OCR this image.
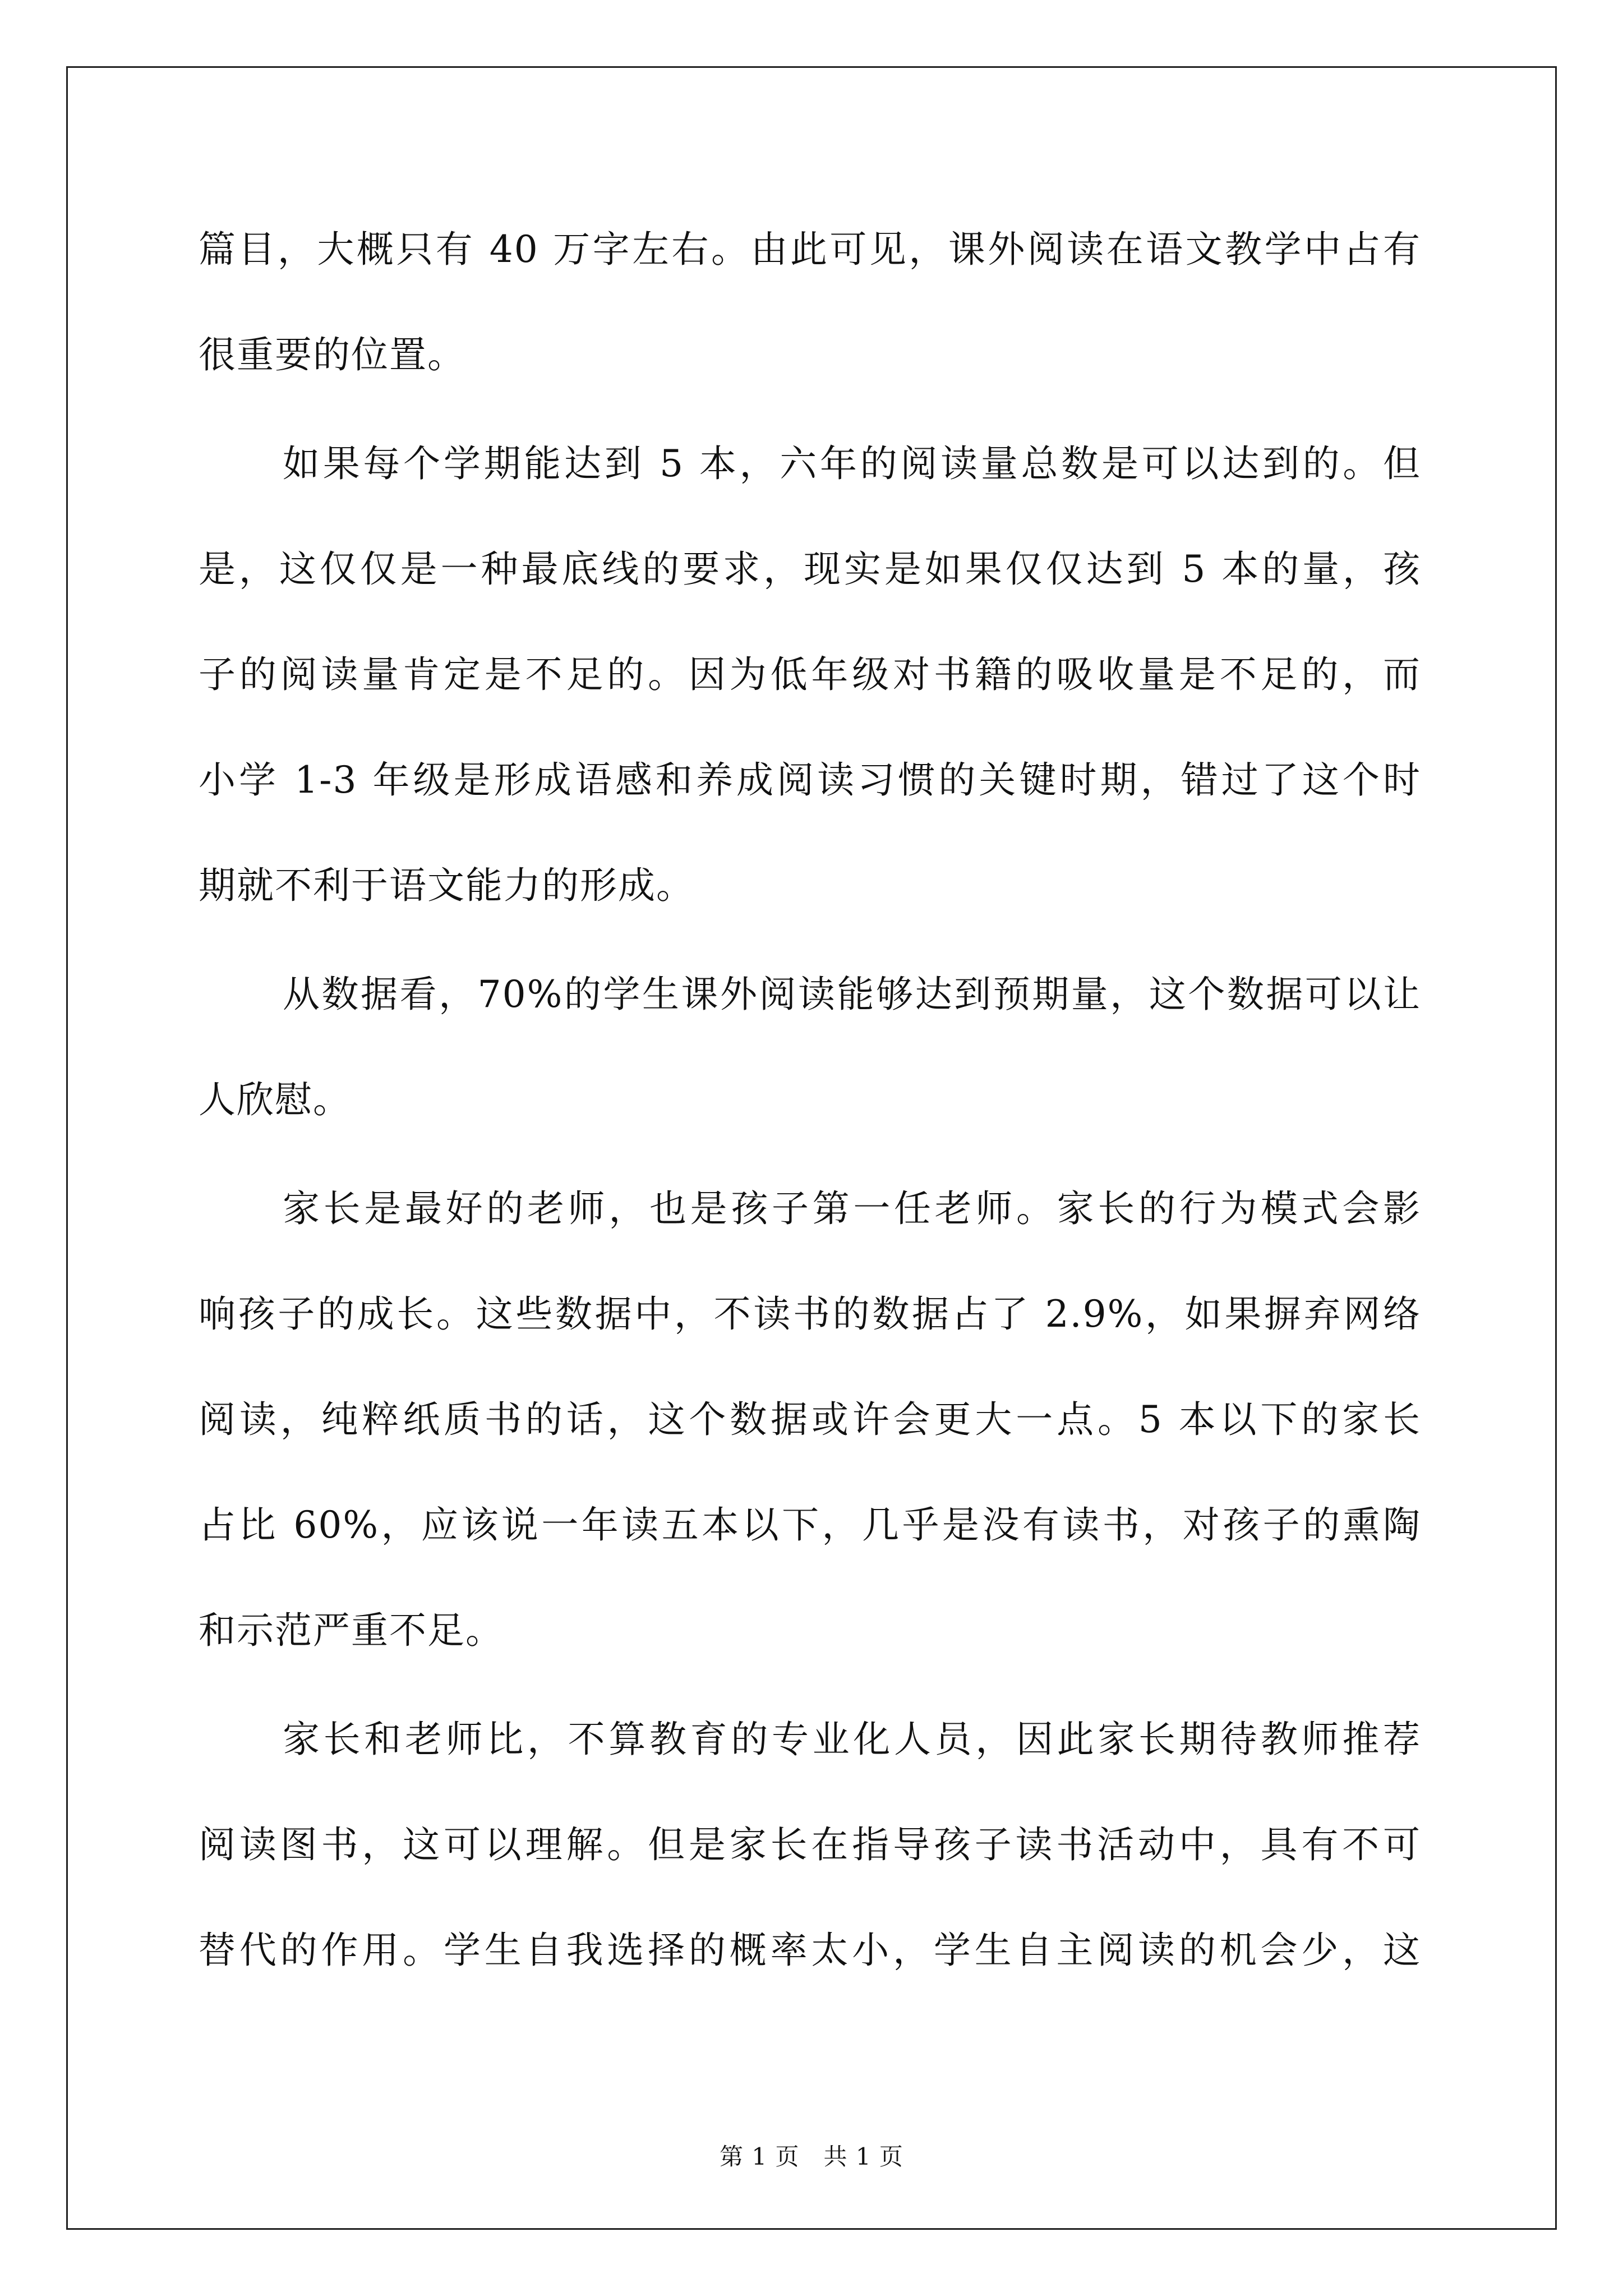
篇目，大概只有 40 万字左右。由此可见，课外阅读在语文教学中占有
很重要的位置。
如果每个学期能达到 5 本，六年的阅读量总数是可以达到的。但
是，这仅仅是一种最底线的要求，现实是如果仅仅达到 5 本的量，孩
子的阅读量肯定是不足的。因为低年级对书籍的吸收量是不足的，而
小学 1-3 年级是形成语感和养成阅读习惯的关键时期，错过了这个时
期就不利于语文能力的形成。
从数据看，70%的学生课外阅读能够达到预期量，这个数据可以让
人欣慰。
家长是最好的老师，也是孩子第一任老师。家长的行为模式会影
响孩子的成长。这些数据中，不读书的数据占了 2.9%，如果摒弃网络
阅读，纯粹纸质书的话，这个数据或许会更大一点。5 本以下的家长
占比 60%，应该说一年读五本以下，几乎是没有读书，对孩子的熏陶
和示范严重不足。
家长和老师比，不算教育的专业化人员，因此家长期待教师推荐
阅读图书，这可以理解。但是家长在指导孩子读书活动中，具有不可
替代的作用。学生自我选择的概率太小，学生自主阅读的机会少，这
第 1 页　共 1 页
